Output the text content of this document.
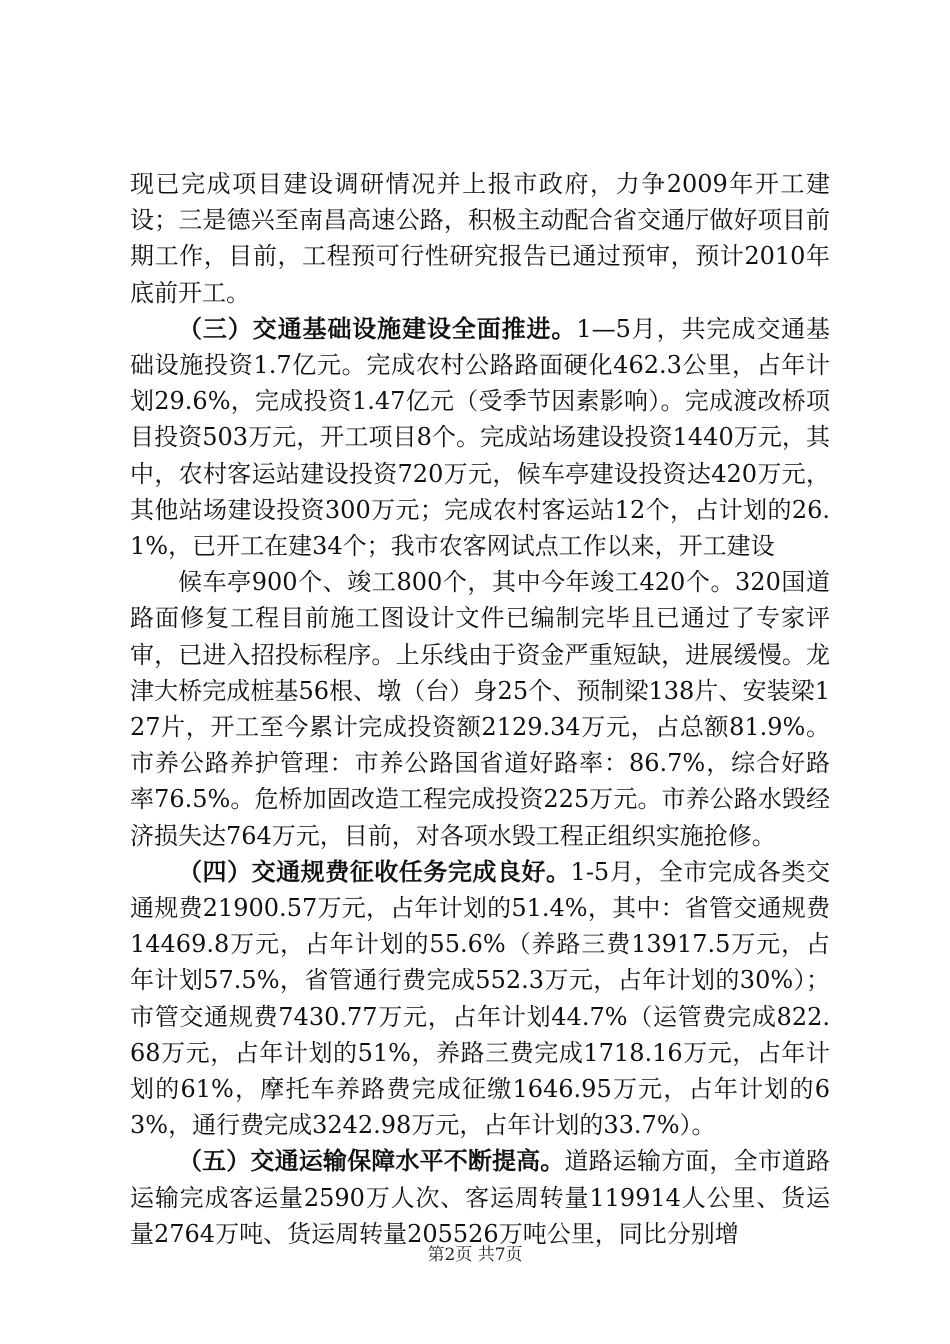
现已完成项目建设调研情况并上报市政府，力争2009年开工建设；三是德兴至南昌高速公路，积极主动配合省交通厅做好项目前期工作，目前，工程预可行性研究报告已通过预审，预计2010年底前开工。

（三）交通基础设施建设全面推进。1—5月，共完成交通基础设施投资1.7亿元。完成农村公路路面硬化462.3公里，占年计划29.6%，完成投资1.47亿元（受季节因素影响）。完成渡改桥项目投资503万元，开工项目8个。完成站场建设投资1440万元，其中，农村客运站建设投资720万元，候车亭建设投资达420万元，其他站场建设投资300万元；完成农村客运站12个，占计划的26.1%，已开工在建34个；我市农客网试点工作以来，开工建设

候车亭900个、竣工800个，其中今年竣工420个。320国道路面修复工程目前施工图设计文件已编制完毕且已通过了专家评审，已进入招投标程序。上乐线由于资金严重短缺，进展缓慢。龙津大桥完成桩基56根、墩（台）身25个、预制梁138片、安装梁127片，开工至今累计完成投资额2129.34万元，占总额81.9%。市养公路养护管理：市养公路国省道好路率：86.7%，综合好路率76.5%。危桥加固改造工程完成投资225万元。市养公路水毁经济损失达764万元，目前，对各项水毁工程正组织实施抢修。

（四）交通规费征收任务完成良好。1-5月，全市完成各类交通规费21900.57万元，占年计划的51.4%，其中：省管交通规费14469.8万元，占年计划的55.6%（养路三费13917.5万元，占年计划57.5%，省管通行费完成552.3万元，占年计划的30%）；市管交通规费7430.77万元，占年计划44.7%（运管费完成822.68万元，占年计划的51%，养路三费完成1718.16万元，占年计划的61%，摩托车养路费完成征缴1646.95万元，占年计划的63%，通行费完成3242.98万元，占年计划的33.7%）。

（五）交通运输保障水平不断提高。道路运输方面，全市道路运输完成客运量2590万人次、客运周转量119914人公里、货运量2764万吨、货运周转量205526万吨公里，同比分别增

第2页 共7页
